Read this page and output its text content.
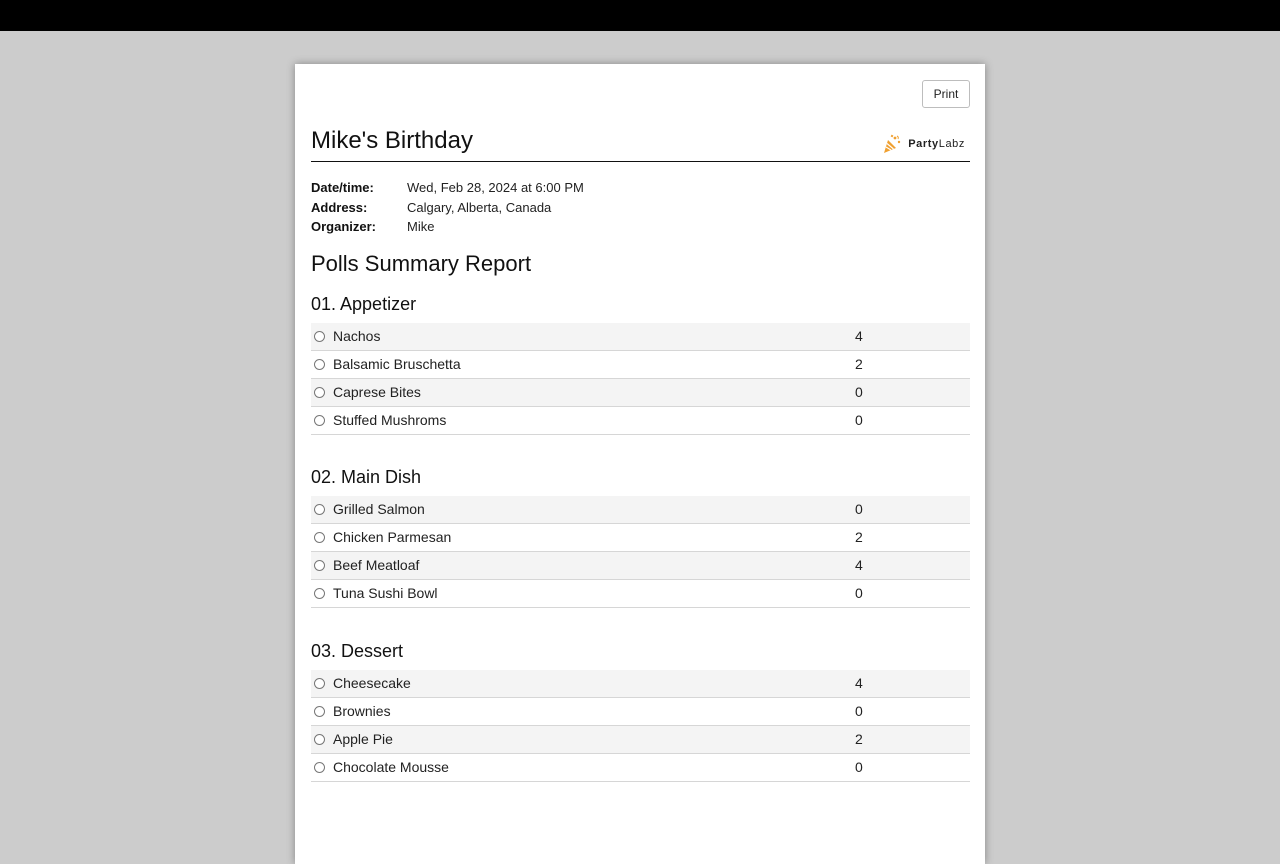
Print
Mike's Birthday	PartyLabz
Date/time:	Wed, Feb 28, 2024 at 6:00 PM
Address:	Calgary, Alberta, Canada
Organizer: Mike
Polls Summary Report
01. Appetizer
Nachos	4
Balsamic Bruschetta	2
Caprese Bites	0
Stuffed Mushroms	0
02. Main Dish
Grilled Salmon	0
Chicken Parmesan	2
Beef Meatloaf	4
Tuna Sushi Bowl	0
03. Dessert
Cheesecake	4
Brownies	0
Apple Pie	2
Chocolate Mousse	0
